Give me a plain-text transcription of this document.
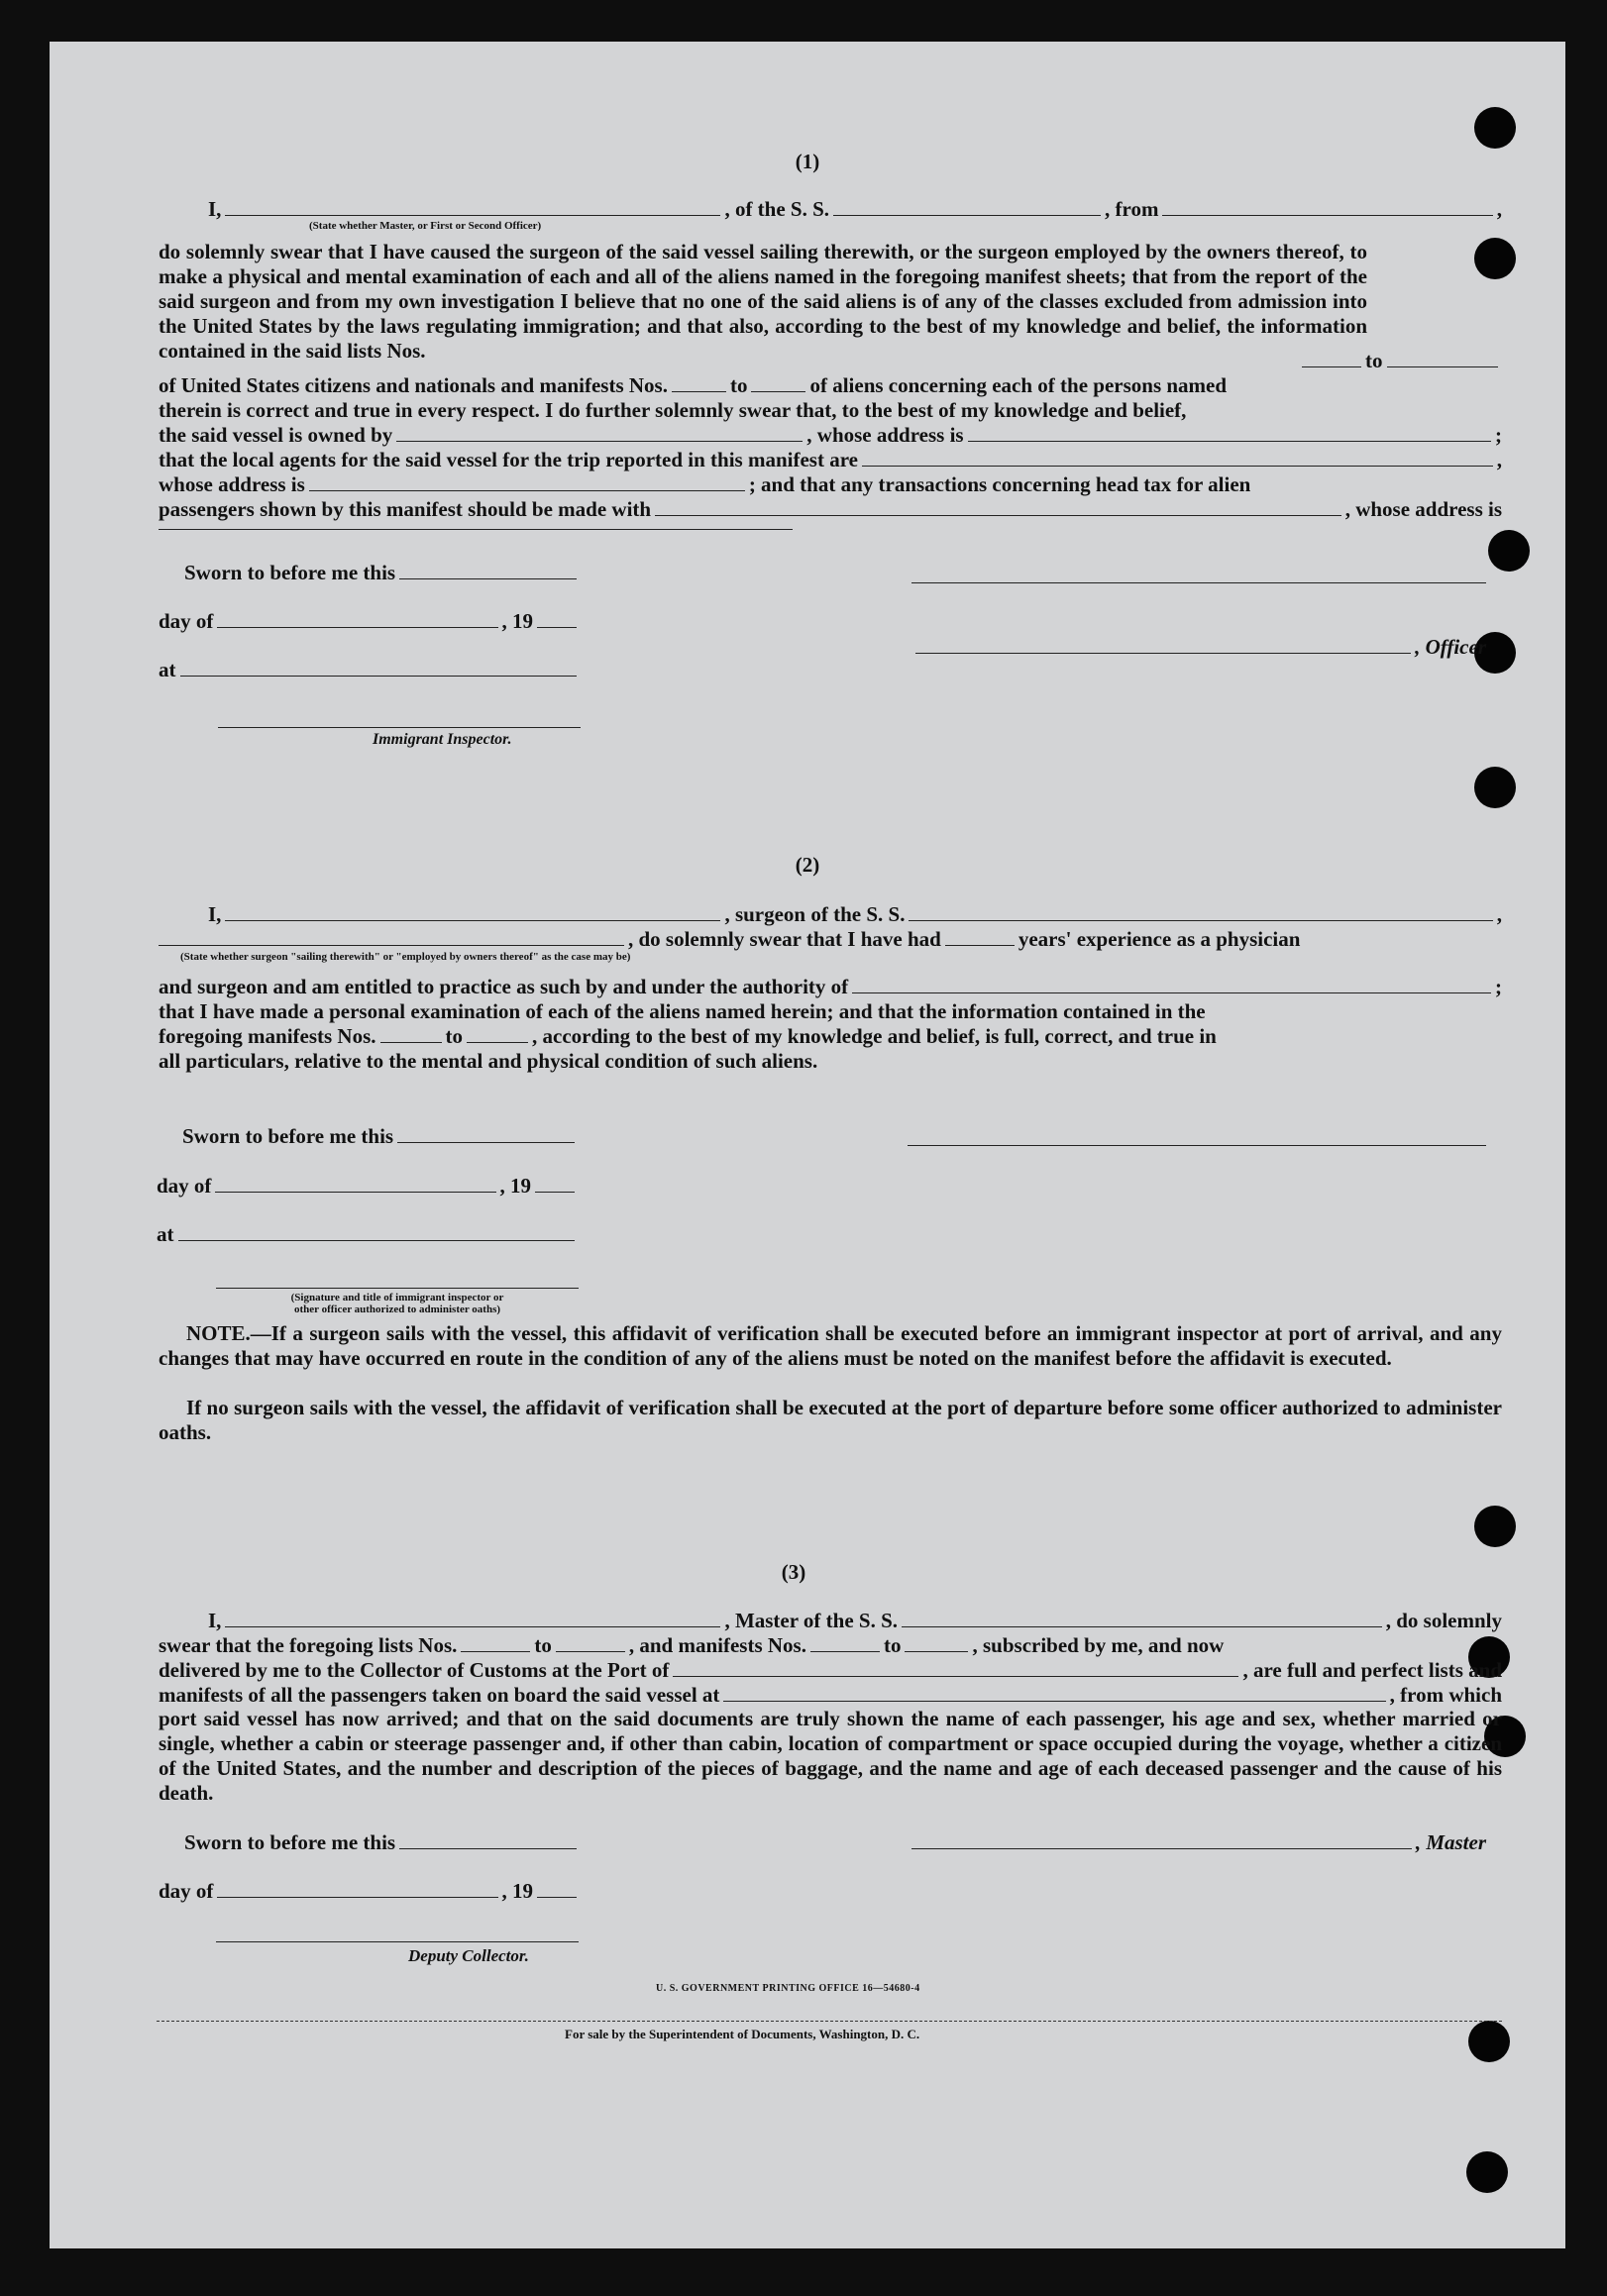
(1)
I,	, of the S. S.	, from	,
(State whether Master, or First or Second Officer)
do solemnly swear that I have caused the surgeon of the said vessel sailing therewith, or the surgeon employed by the owners thereof, to make a physical and mental examination of each and all of the aliens named in the foregoing manifest sheets; that from the report of the said surgeon and from my own investigation I believe that no one of the said aliens is of any of the classes excluded from admission into the United States by the laws regulating immigration; and that also, according to the best of my knowledge and belief, the information contained in the said lists Nos.	to
of United States citizens and nationals and manifests Nos.	to	of aliens concerning each of the persons named
therein is correct and true in every respect. I do further solemnly swear that, to the best of my knowledge and belief,
the said vessel is owned by	, whose address is	;
that the local agents for the said vessel for the trip reported in this manifest are	,
whose address is	; and that any transactions concerning head tax for alien
passengers shown by this manifest should be made with	, whose address is
Sworn to before me this
day of	, 19
, Officer
at
Immigrant Inspector.
(2)
I,	, surgeon of the S. S.	,
, do solemnly swear that I have had	years' experience as a physician
(State whether surgeon "sailing therewith" or "employed by owners thereof" as the case may be)
and surgeon and am entitled to practice as such by and under the authority of	;
that I have made a personal examination of each of the aliens named herein; and that the information contained in the
foregoing manifests Nos.	to	, according to the best of my knowledge and belief, is full, correct, and true in
all particulars, relative to the mental and physical condition of such aliens.
Sworn to before me this
day of	, 19
at
(Signature and title of immigrant inspector or
other officer authorized to administer oaths)
NOTE.—If a surgeon sails with the vessel, this affidavit of verification shall be executed before an immigrant inspector at port of arrival, and any changes that may have occurred en route in the condition of any of the aliens must be noted on the manifest before the affidavit is executed.
If no surgeon sails with the vessel, the affidavit of verification shall be executed at the port of departure before some officer authorized to administer oaths.
(3)
I,	, Master of the S. S.	, do solemnly
swear that the foregoing lists Nos.	to	, and manifests Nos.	to	, subscribed by me, and now
delivered by me to the Collector of Customs at the Port of	, are full and perfect lists and
manifests of all the passengers taken on board the said vessel at	, from which
port said vessel has now arrived; and that on the said documents are truly shown the name of each passenger, his age and sex, whether married or single, whether a cabin or steerage passenger and, if other than cabin, location of compartment or space occupied during the voyage, whether a citizen of the United States, and the number and description of the pieces of baggage, and the name and age of each deceased passenger and the cause of his death.
Sworn to before me this	, Master
day of	, 19
Deputy Collector.
U. S. GOVERNMENT PRINTING OFFICE 16—54680-4
For sale by the Superintendent of Documents, Washington, D. C.
